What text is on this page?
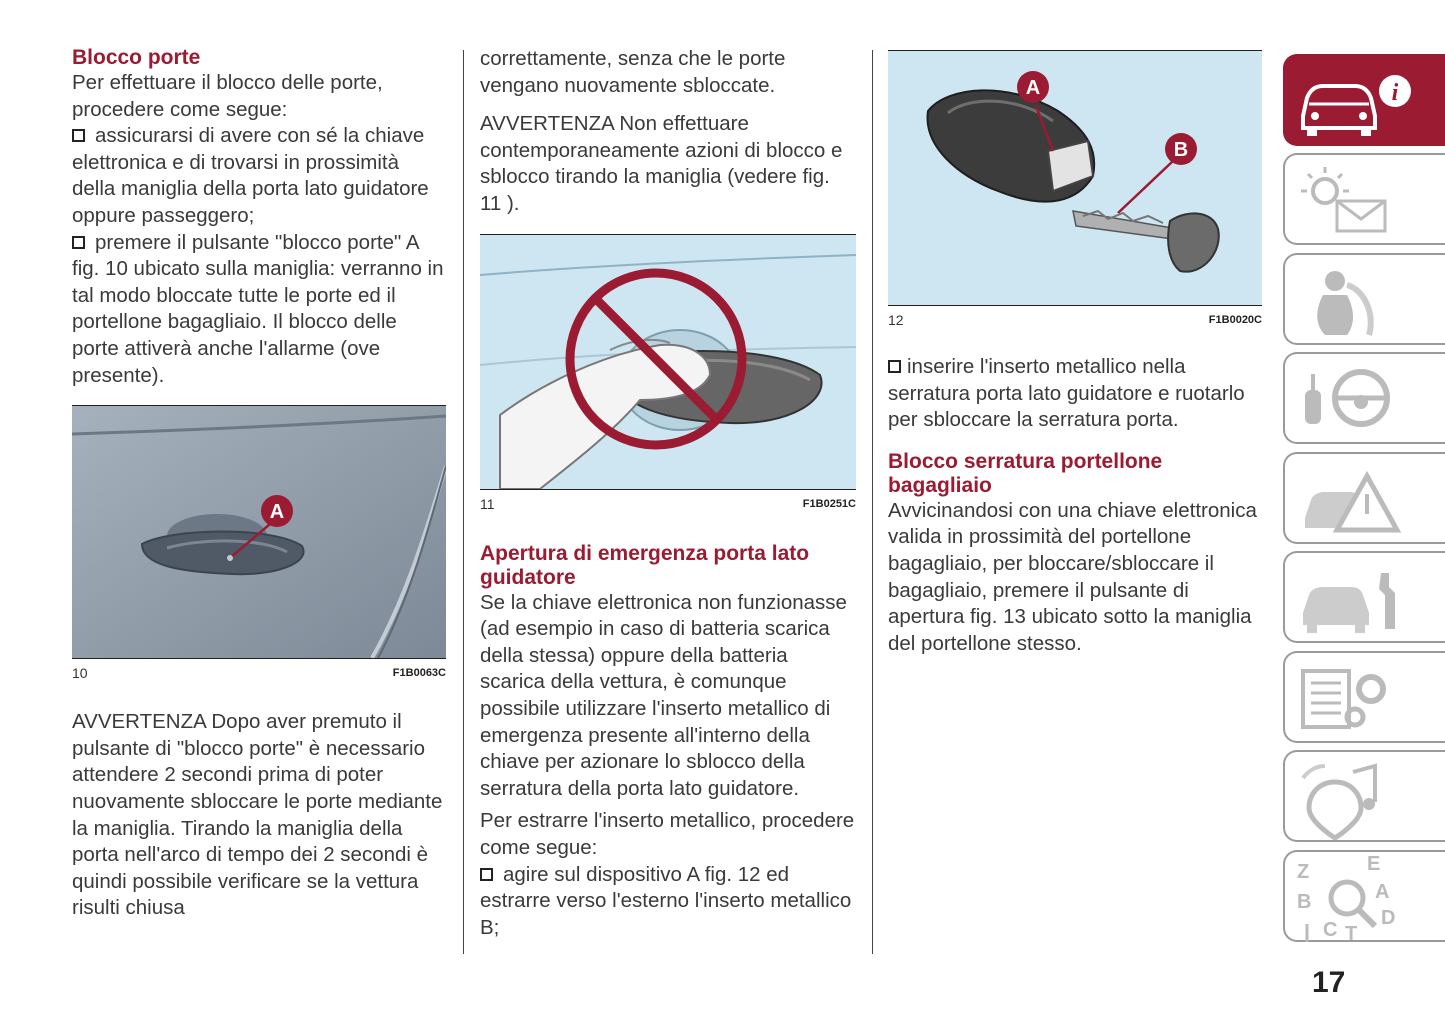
Blocco porte

Per effettuare il blocco delle porte, procedere come segue:

assicurarsi di avere con sé la chiave elettronica e di trovarsi in prossimità della maniglia della porta lato guidatore oppure passeggero;

premere il pulsante "blocco porte" A fig. 10 ubicato sulla maniglia: verranno in tal modo bloccate tutte le porte ed il portellone bagagliaio. Il blocco delle porte attiverà anche l'allarme (ove presente).

A
10	F1B0063C

AVVERTENZA Dopo aver premuto il pulsante di "blocco porte" è necessario attendere 2 secondi prima di poter nuovamente sbloccare le porte mediante la maniglia. Tirando la maniglia della porta nell'arco di tempo dei 2 secondi è quindi possibile verificare se la vettura risulti chiusa

correttamente, senza che le porte vengano nuovamente sbloccate.

AVVERTENZA Non effettuare contemporaneamente azioni di blocco e sblocco tirando la maniglia (vedere fig. 11 ).

11	F1B0251C
Apertura di emergenza porta lato guidatore

Se la chiave elettronica non funzionasse (ad esempio in caso di batteria scarica della stessa) oppure della batteria scarica della vettura, è comunque possibile utilizzare l'inserto metallico di emergenza presente all'interno della chiave per azionare lo sblocco della serratura della porta lato guidatore.

Per estrarre l'inserto metallico, procedere come segue:

agire sul dispositivo A fig. 12 ed estrarre verso l'esterno l'inserto metallico B;

A
B
12	F1B0020C

inserire l'inserto metallico nella serratura porta lato guidatore e ruotarlo per sbloccare la serratura porta.

Blocco serratura portellone bagagliaio

Avvicinandosi con una chiave elettronica valida in prossimità del portellone bagagliaio, per bloccare/sbloccare il bagagliaio, premere il pulsante di apertura fig. 13 ubicato sotto la maniglia del portellone stesso.

i
Z	E
B	A
C
D
T
17
